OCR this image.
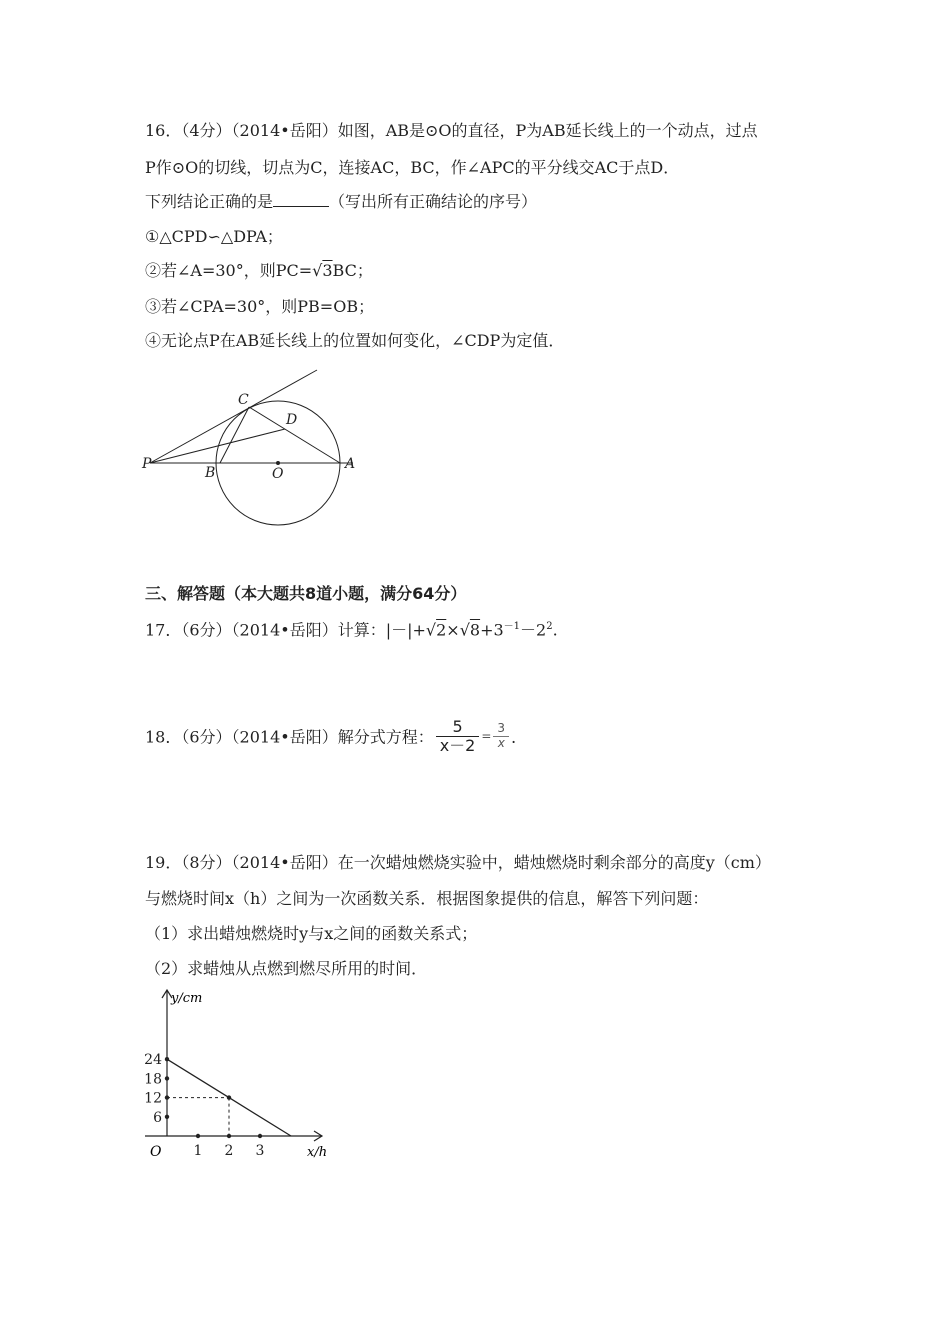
16．（4分）（2014•岳阳）如图，AB是⊙O的直径，P为AB延长线上的一个动点，过点
P作⊙O的切线，切点为C，连接AC，BC，作∠APC的平分线交AC于点D．
下列结论正确的是	（写出所有正确结论的序号）
①△CPD∽△DPA；
②若∠A=30°，则PC=√3BC；
③若∠CPA=30°，则PB=OB；
④无论点P在AB延长线上的位置如何变化，∠CDP为定值．
C
D
P
B	O
A
三、解答题（本大题共8道小题，满分64分）
17．（6分）（2014•岳阳）计算：$|-|+√2\times√8+3^{-1}-2^2$.
18．（6分）（2014•岳阳）解分式方程： $\frac{5}{x-2} = \frac{3}{x}$ ．
19．（8分）（2014•岳阳）在一次蜡烛燃烧实验中，蜡烛燃烧时剩余部分的高度y（cm）
与燃烧时间x（h）之间为一次函数关系．根据图象提供的信息，解答下列问题：
（1）求出蜡烛燃烧时y与x之间的函数关系式；
（2）求蜡烛从点燃到燃尽所用的时间．
y/cm
x/h
O
24
18
12
6
1 2 3
